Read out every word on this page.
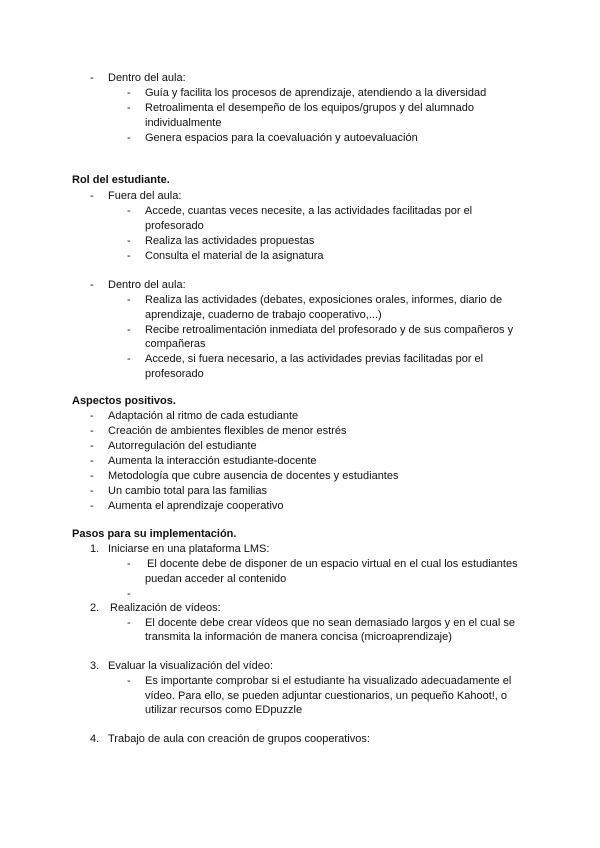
-	Dentro del aula:
-	Guía y facilita los procesos de aprendizaje, atendiendo a la diversidad
-	Retroalimenta el desempeño de los equipos/grupos y del alumnado
individualmente
-	Genera espacios para la coevaluación y autoevaluación
Rol del estudiante.
-	Fuera del aula:
-	Accede, cuantas veces necesite, a las actividades facilitadas por el
profesorado
-	Realiza las actividades propuestas
-	Consulta el material de la asignatura
-	Dentro del aula:
-	Realiza las actividades (debates, exposiciones orales, informes, diario de
aprendizaje, cuaderno de trabajo cooperativo,...)
-	Recibe retroalimentación inmediata del profesorado y de sus compañeros y
compañeras
-	Accede, si fuera necesario, a las actividades previas facilitadas por el
profesorado
Aspectos positivos.
-	Adaptación al ritmo de cada estudiante
-	Creación de ambientes flexibles de menor estrés
-	Autorregulación del estudiante
-	Aumenta la interacción estudiante-docente
-	Metodología que cubre ausencia de docentes y estudiantes
-	Un cambio total para las familias
-	Aumenta el aprendizaje cooperativo
Pasos para su implementación.
1. Iniciarse en una plataforma LMS:
-	El docente debe de disponer de un espacio virtual en el cual los estudiantes
puedan acceder al contenido
-
2. Realización de vídeos:
-	El docente debe crear vídeos que no sean demasiado largos y en el cual se
transmita la información de manera concisa (microaprendizaje)
3. Evaluar la visualización del vídeo:
-	Es importante comprobar si el estudiante ha visualizado adecuadamente el
vídeo. Para ello, se pueden adjuntar cuestionarios, un pequeño Kahoot!, o
utilizar recursos como EDpuzzle
4. Trabajo de aula con creación de grupos cooperativos:
